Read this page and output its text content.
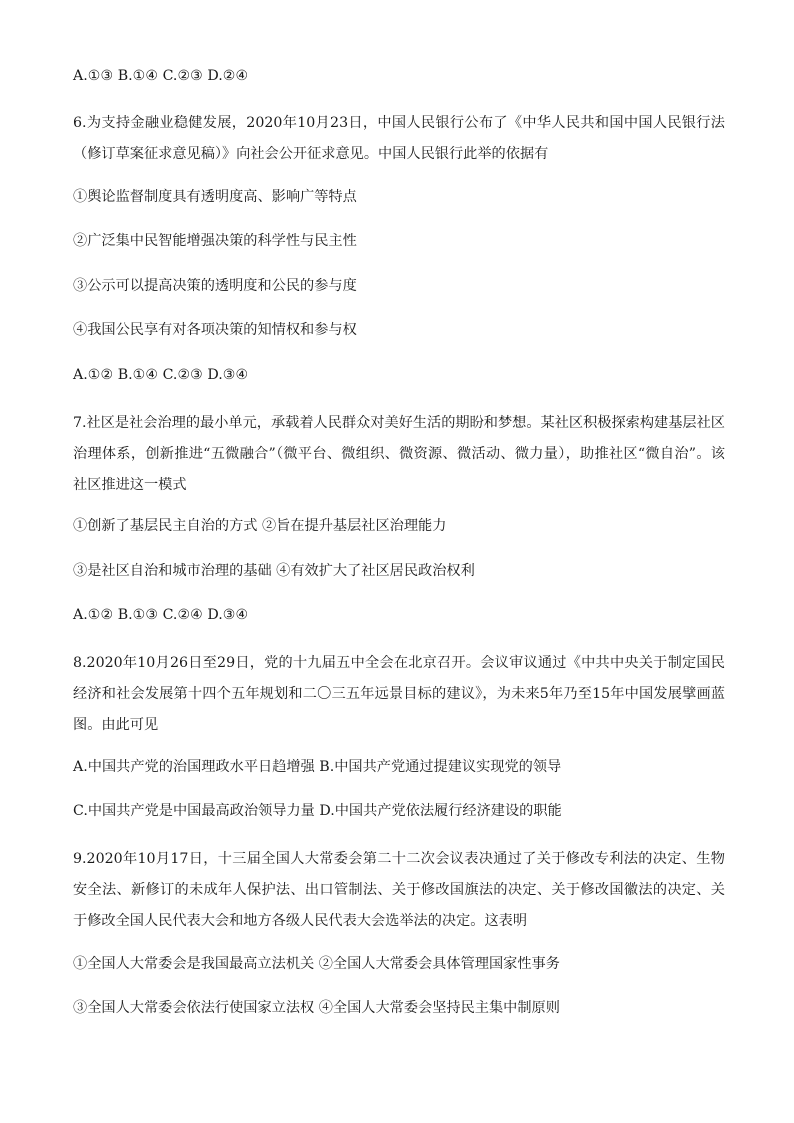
A.①③ B.①④ C.②③ D.②④
6.为支持金融业稳健发展，2020年10月23日，中国人民银行公布了《中华人民共和国中国人民银行法（修订草案征求意见稿）》向社会公开征求意见。中国人民银行此举的依据有
①舆论监督制度具有透明度高、影响广等特点
②广泛集中民智能增强决策的科学性与民主性
③公示可以提高决策的透明度和公民的参与度
④我国公民享有对各项决策的知情权和参与权
A.①② B.①④ C.②③ D.③④
7.社区是社会治理的最小单元，承载着人民群众对美好生活的期盼和梦想。某社区积极探索构建基层社区治理体系，创新推进“五微融合”（微平台、微组织、微资源、微活动、微力量），助推社区“微自治”。该社区推进这一模式
①创新了基层民主自治的方式 ②旨在提升基层社区治理能力
③是社区自治和城市治理的基础 ④有效扩大了社区居民政治权利
A.①② B.①③ C.②④ D.③④
8.2020年10月26日至29日，党的十九届五中全会在北京召开。会议审议通过《中共中央关于制定国民经济和社会发展第十四个五年规划和二〇三五年远景目标的建议》，为未来5年乃至15年中国发展擘画蓝图。由此可见
A.中国共产党的治国理政水平日趋增强 B.中国共产党通过提建议实现党的领导
C.中国共产党是中国最高政治领导力量 D.中国共产党依法履行经济建设的职能
9.2020年10月17日，十三届全国人大常委会第二十二次会议表决通过了关于修改专利法的决定、生物安全法、新修订的未成年人保护法、出口管制法、关于修改国旗法的决定、关于修改国徽法的决定、关于修改全国人民代表大会和地方各级人民代表大会选举法的决定。这表明
①全国人大常委会是我国最高立法机关 ②全国人大常委会具体管理国家性事务
③全国人大常委会依法行使国家立法权 ④全国人大常委会坚持民主集中制原则
